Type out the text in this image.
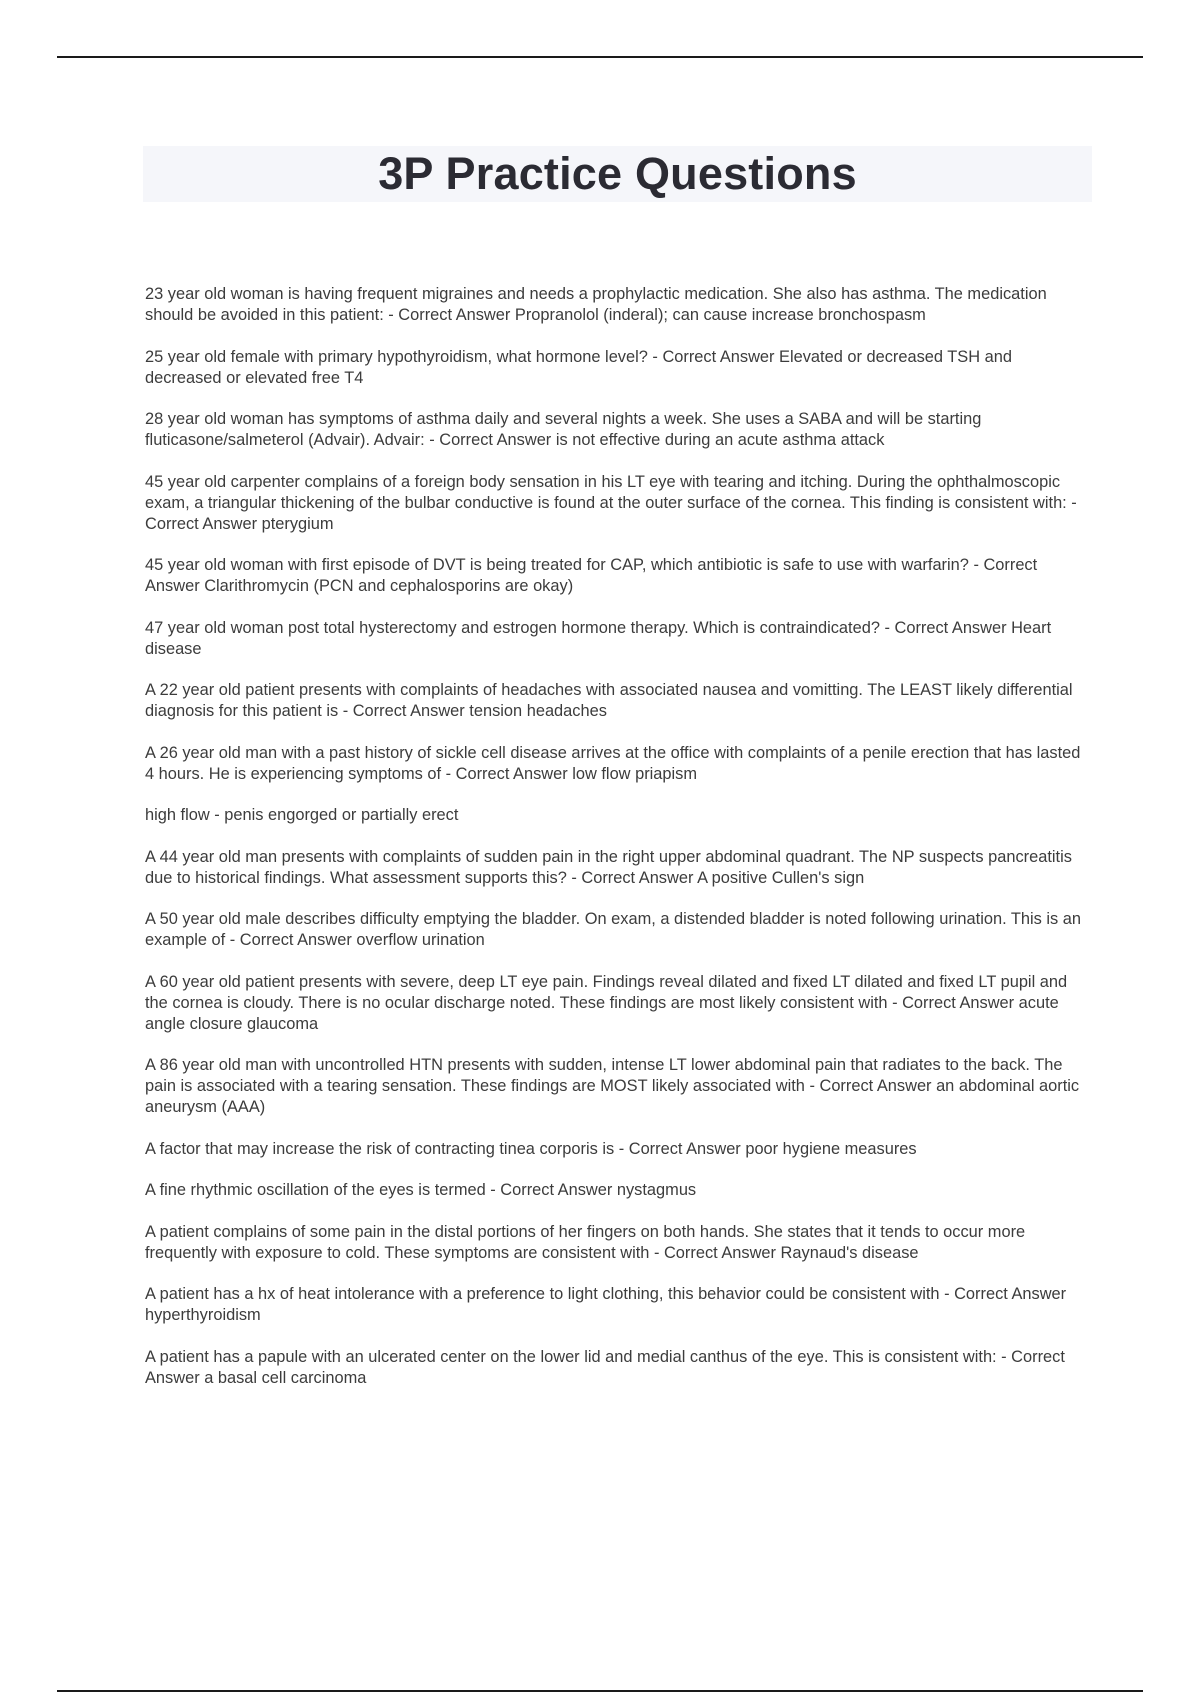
3P Practice Questions

23 year old woman is having frequent migraines and needs a prophylactic medication. She also has asthma. The medication should be avoided in this patient: - Correct Answer Propranolol (inderal); can cause increase bronchospasm

25 year old female with primary hypothyroidism, what hormone level? - Correct Answer Elevated or decreased TSH and decreased or elevated free T4

28 year old woman has symptoms of asthma daily and several nights a week. She uses a SABA and will be starting fluticasone/salmeterol (Advair). Advair: - Correct Answer is not effective during an acute asthma attack

45 year old carpenter complains of a foreign body sensation in his LT eye with tearing and itching. During the ophthalmoscopic exam, a triangular thickening of the bulbar conductive is found at the outer surface of the cornea. This finding is consistent with: - Correct Answer pterygium

45 year old woman with first episode of DVT is being treated for CAP, which antibiotic is safe to use with warfarin? - Correct Answer Clarithromycin (PCN and cephalosporins are okay)

47 year old woman post total hysterectomy and estrogen hormone therapy. Which is contraindicated? - Correct Answer Heart disease

A 22 year old patient presents with complaints of headaches with associated nausea and vomitting. The LEAST likely differential diagnosis for this patient is - Correct Answer tension headaches

A 26 year old man with a past history of sickle cell disease arrives at the office with complaints of a penile erection that has lasted 4 hours. He is experiencing symptoms of - Correct Answer low flow priapism

high flow - penis engorged or partially erect

A 44 year old man presents with complaints of sudden pain in the right upper abdominal quadrant. The NP suspects pancreatitis due to historical findings. What assessment supports this? - Correct Answer A positive Cullen's sign

A 50 year old male describes difficulty emptying the bladder. On exam, a distended bladder is noted following urination. This is an example of - Correct Answer overflow urination

A 60 year old patient presents with severe, deep LT eye pain. Findings reveal dilated and fixed LT dilated and fixed LT pupil and the cornea is cloudy. There is no ocular discharge noted. These findings are most likely consistent with - Correct Answer acute angle closure glaucoma

A 86 year old man with uncontrolled HTN presents with sudden, intense LT lower abdominal pain that radiates to the back. The pain is associated with a tearing sensation. These findings are MOST likely associated with - Correct Answer an abdominal aortic aneurysm (AAA)

A factor that may increase the risk of contracting tinea corporis is - Correct Answer poor hygiene measures

A fine rhythmic oscillation of the eyes is termed - Correct Answer nystagmus

A patient complains of some pain in the distal portions of her fingers on both hands. She states that it tends to occur more frequently with exposure to cold. These symptoms are consistent with - Correct Answer Raynaud's disease

A patient has a hx of heat intolerance with a preference to light clothing, this behavior could be consistent with - Correct Answer hyperthyroidism

A patient has a papule with an ulcerated center on the lower lid and medial canthus of the eye. This is consistent with: - Correct Answer a basal cell carcinoma
